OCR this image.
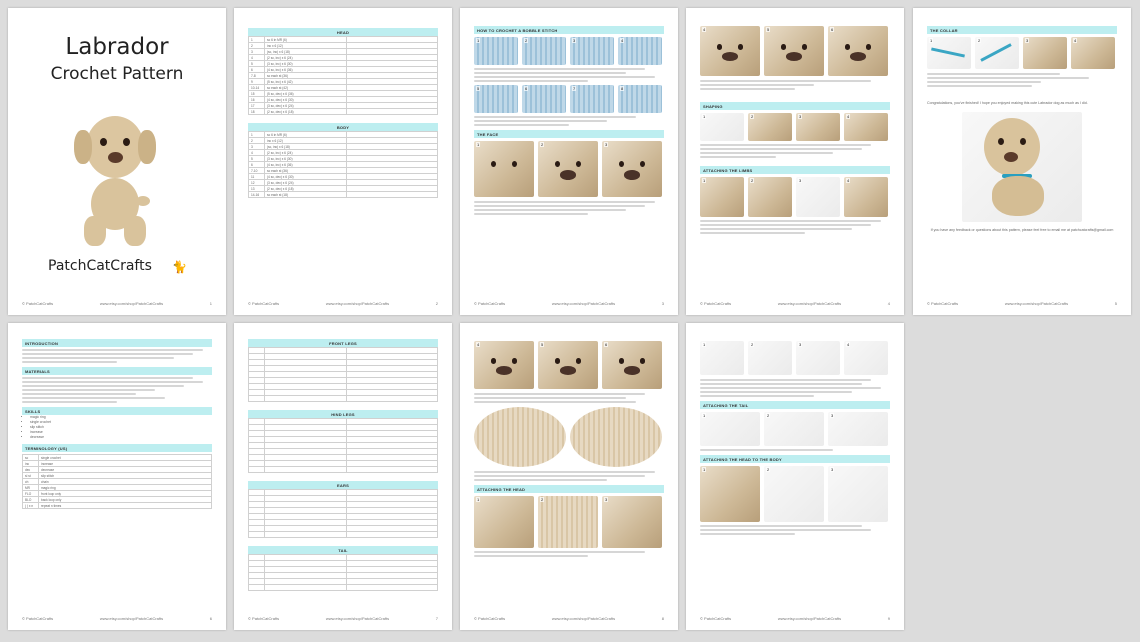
Labrador
Crochet Pattern
PatchCatCrafts 🐈
© PatchCatCrafts	www.etsy.com/shop/PatchCatCrafts	1
HEAD
1	sc 6 in MR (6)	
2	inc x 6 (12)	
3	(sc, inc) x 6 (18)	
4	(2 sc, inc) x 6 (24)	
5	(3 sc, inc) x 6 (30)	
6	(4 sc, inc) x 6 (36)	
7-8	sc each st (36)	
9	(5 sc, inc) x 6 (42)	
10-14	sc each st (42)	
15	(5 sc, dec) x 6 (36)	
16	(4 sc, dec) x 6 (30)	
17	(3 sc, dec) x 6 (24)	
18	(2 sc, dec) x 6 (18)	
BODY
1	sc 6 in MR (6)	
2	inc x 6 (12)	
3	(sc, inc) x 6 (18)	
4	(2 sc, inc) x 6 (24)	
5	(3 sc, inc) x 6 (30)	
6	(4 sc, inc) x 6 (36)	
7-10	sc each st (36)	
11	(4 sc, dec) x 6 (30)	
12	(3 sc, dec) x 6 (24)	
13	(2 sc, dec) x 6 (18)	
14-16	sc each st (18)	
© PatchCatCrafts	www.etsy.com/shop/PatchCatCrafts	2
HOW TO CROCHET A BOBBLE STITCH
1	2	3	4
5	6	7	8
THE FACE
1	2	3
© PatchCatCrafts	www.etsy.com/shop/PatchCatCrafts	3
4	5	6
SHAPING
1	2	3	4
ATTACHING THE LIMBS
1	2	3	4
© PatchCatCrafts	www.etsy.com/shop/PatchCatCrafts	4
THE COLLAR
1	2	3	4
Congratulations, you've finished! I hope you enjoyed making this cute Labrador dog as much as I did.
If you have any feedback or questions about this pattern, please feel free to email me at patchcatcrafts@gmail.com
© PatchCatCrafts	www.etsy.com/shop/PatchCatCrafts	5
INTRODUCTION
MATERIALS
SKILLS
• magic ring
• single crochet
• slip stitch
• increase
• decrease
TERMINOLOGY (US)
sc	single crochet
inc	increase
dec	decrease
sl st	slip stitch
ch	chain
MR	magic ring
FLO	front loop only
BLO	back loop only
( ) x n	repeat n times
© PatchCatCrafts	www.etsy.com/shop/PatchCatCrafts	6
FRONT LEGS

HIND LEGS

EARS

TAIL

© PatchCatCrafts	www.etsy.com/shop/PatchCatCrafts	7
4	5	6
7	8
ATTACHING THE HEAD
1	2	3
© PatchCatCrafts	www.etsy.com/shop/PatchCatCrafts	8
1	2	3	4
ATTACHING THE TAIL
1	2	3
ATTACHING THE HEAD TO THE BODY
1	2	3
© PatchCatCrafts	www.etsy.com/shop/PatchCatCrafts	9
